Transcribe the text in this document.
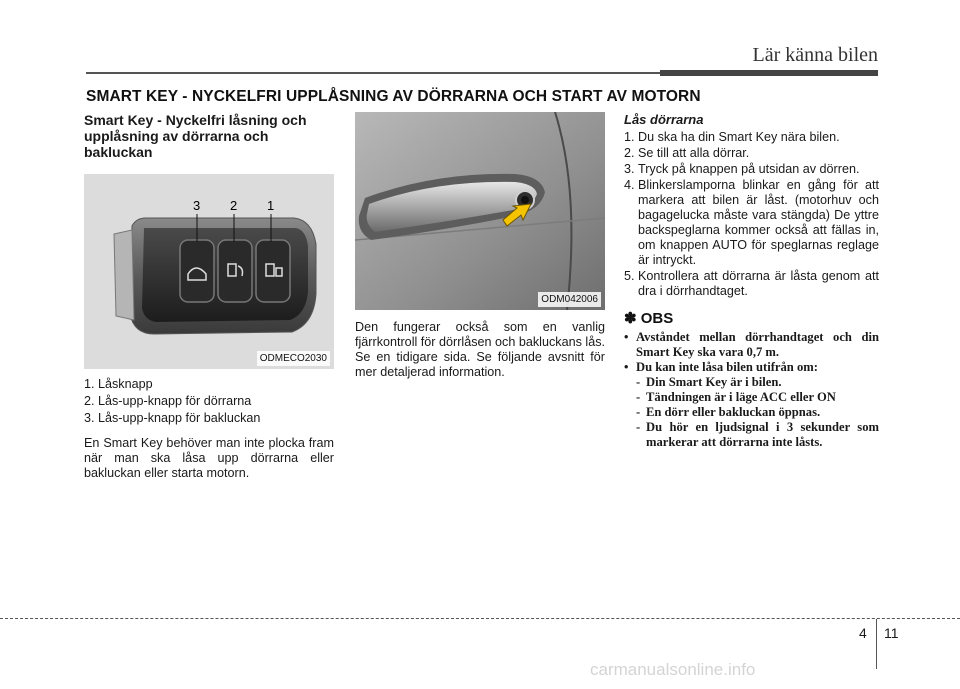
Lär känna bilen
SMART KEY - NYCKELFRI UPPLÅSNING AV DÖRRARNA OCH START AV MOTORN
Smart Key - Nyckelfri låsning och upplåsning av dörrarna och bakluckan
3 2 1
ODMECO2030
1. Låsknapp
2. Lås-upp-knapp för dörrarna
3. Lås-upp-knapp för bakluckan
En Smart Key behöver man inte plocka fram när man ska låsa upp dörrarna eller bakluckan eller starta motorn.
ODM042006
Den fungerar också som en vanlig fjärrkontroll för dörrlåsen och bakluckans lås. Se en tidigare sida. Se följande avsnitt för mer detaljerad information.
Lås dörrarna
1. Du ska ha din Smart Key nära bilen.
2. Se till att alla dörrar.
3. Tryck på knappen på utsidan av dörren.
4. Blinkerslamporna blinkar en gång för att markera att bilen är låst. (motorhuv och bagagelucka måste vara stängda) De yttre backspeglarna kommer också att fällas in, om knappen AUTO för speglarnas reglage är intryckt.
5. Kontrollera att dörrarna är låsta genom att dra i dörrhandtaget.
✽ OBS
• Avståndet mellan dörrhandtaget och din Smart Key ska vara 0,7 m.
• Du kan inte låsa bilen utifrån om:
- Din Smart Key är i bilen.
- Tändningen är i läge ACC eller ON
- En dörr eller bakluckan öppnas.
- Du hör en ljudsignal i 3 sekunder som markerar att dörrarna inte låsts.
4 11
carmanualsonline.info
